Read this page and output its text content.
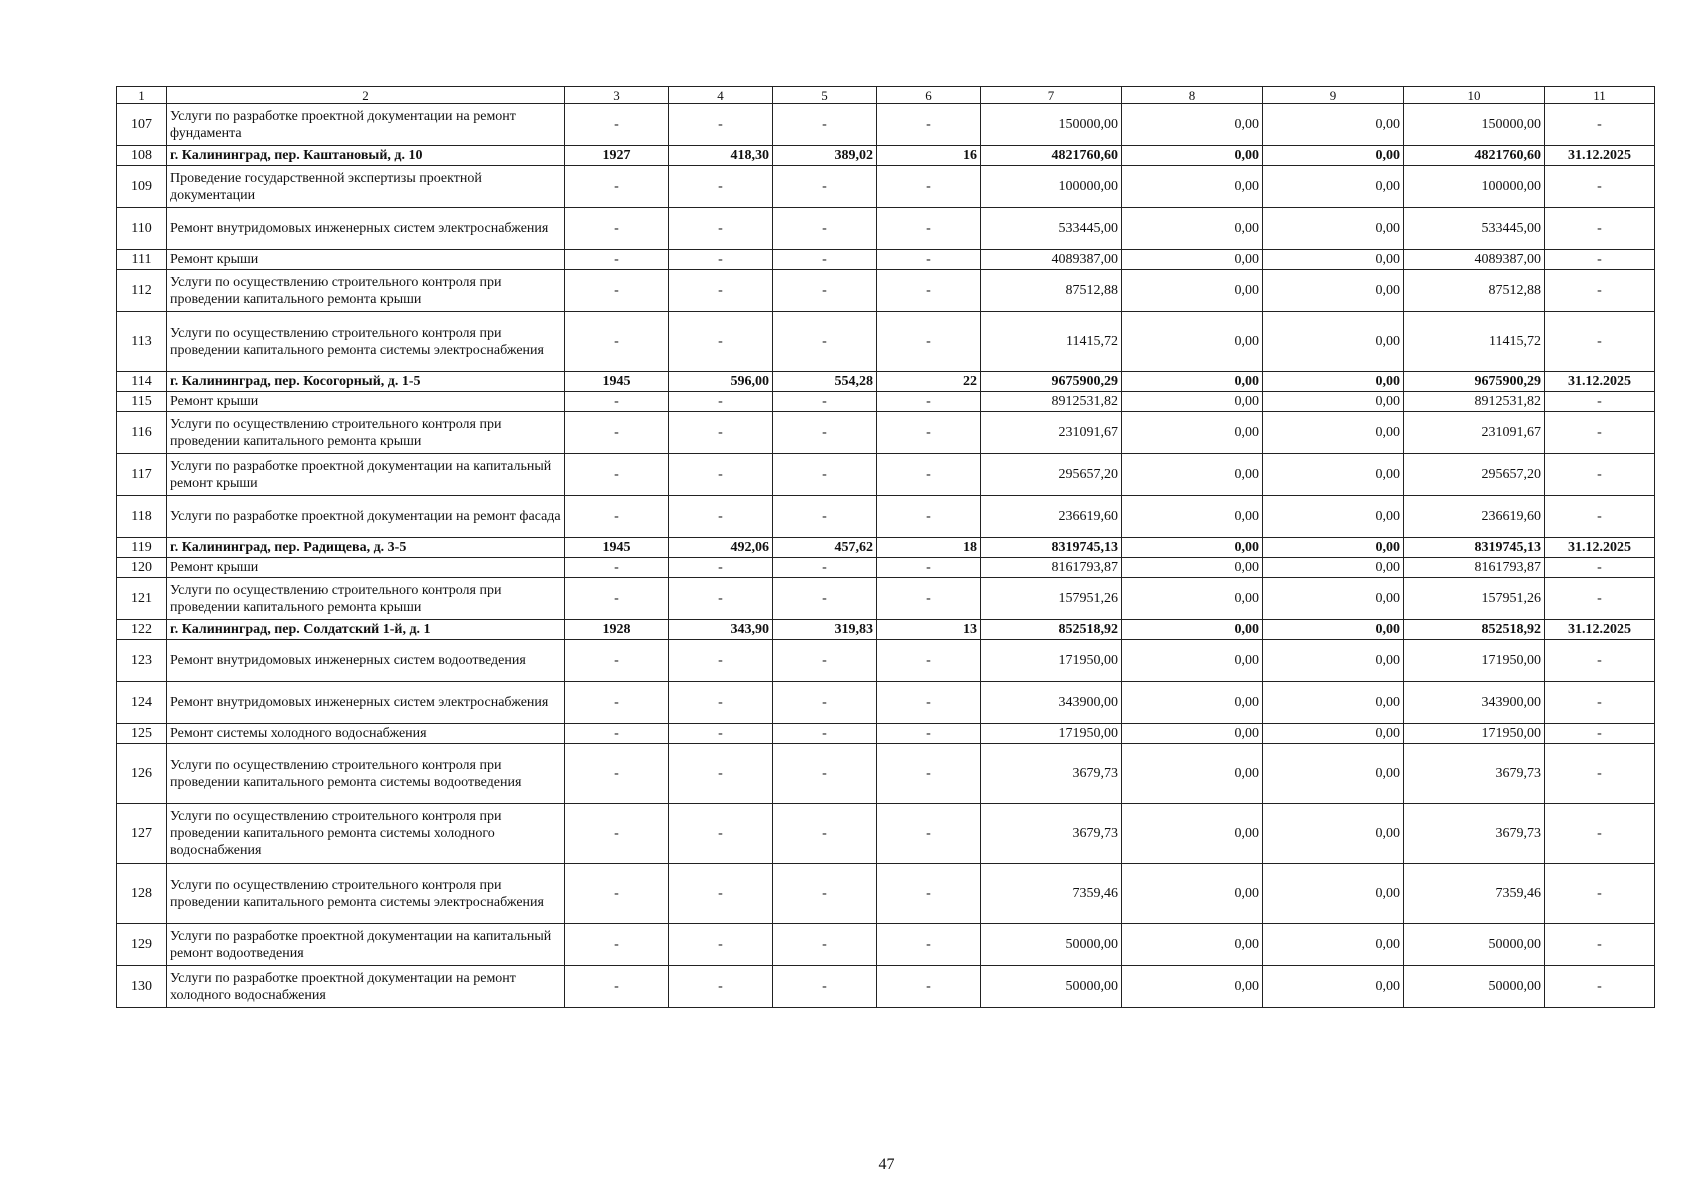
1	2	3	4	5	6	7	8	9	10	11
107	Услуги по разработке проектной документации на ремонт фундамента	-	-	-	-	150000,00	0,00	0,00	150000,00	-
108	г. Калининград, пер. Каштановый, д. 10	1927	418,30	389,02	16	4821760,60	0,00	0,00	4821760,60	31.12.2025
109	Проведение государственной экспертизы проектной документации	-	-	-	-	100000,00	0,00	0,00	100000,00	-
110	Ремонт внутридомовых инженерных систем электроснабжения	-	-	-	-	533445,00	0,00	0,00	533445,00	-
111	Ремонт крыши	-	-	-	-	4089387,00	0,00	0,00	4089387,00	-
112	Услуги по осуществлению строительного контроля при проведении капитального ремонта крыши	-	-	-	-	87512,88	0,00	0,00	87512,88	-
113	Услуги по осуществлению строительного контроля при проведении капитального ремонта системы электроснабжения	-	-	-	-	11415,72	0,00	0,00	11415,72	-
114	г. Калининград, пер. Косогорный, д. 1-5	1945	596,00	554,28	22	9675900,29	0,00	0,00	9675900,29	31.12.2025
115	Ремонт крыши	-	-	-	-	8912531,82	0,00	0,00	8912531,82	-
116	Услуги по осуществлению строительного контроля при проведении капитального ремонта крыши	-	-	-	-	231091,67	0,00	0,00	231091,67	-
117	Услуги по разработке проектной документации на капитальный ремонт крыши	-	-	-	-	295657,20	0,00	0,00	295657,20	-
118	Услуги по разработке проектной документации на ремонт фасада	-	-	-	-	236619,60	0,00	0,00	236619,60	-
119	г. Калининград, пер. Радищева, д. 3-5	1945	492,06	457,62	18	8319745,13	0,00	0,00	8319745,13	31.12.2025
120	Ремонт крыши	-	-	-	-	8161793,87	0,00	0,00	8161793,87	-
121	Услуги по осуществлению строительного контроля при проведении капитального ремонта крыши	-	-	-	-	157951,26	0,00	0,00	157951,26	-
122	г. Калининград, пер. Солдатский 1-й, д. 1	1928	343,90	319,83	13	852518,92	0,00	0,00	852518,92	31.12.2025
123	Ремонт внутридомовых инженерных систем водоотведения	-	-	-	-	171950,00	0,00	0,00	171950,00	-
124	Ремонт внутридомовых инженерных систем электроснабжения	-	-	-	-	343900,00	0,00	0,00	343900,00	-
125	Ремонт системы холодного водоснабжения	-	-	-	-	171950,00	0,00	0,00	171950,00	-
126	Услуги по осуществлению строительного контроля при проведении капитального ремонта системы водоотведения	-	-	-	-	3679,73	0,00	0,00	3679,73	-
127	Услуги по осуществлению строительного контроля при проведении капитального ремонта системы холодного водоснабжения	-	-	-	-	3679,73	0,00	0,00	3679,73	-
128	Услуги по осуществлению строительного контроля при проведении капитального ремонта системы электроснабжения	-	-	-	-	7359,46	0,00	0,00	7359,46	-
129	Услуги по разработке проектной документации на капитальный ремонт водоотведения	-	-	-	-	50000,00	0,00	0,00	50000,00	-
130	Услуги по разработке проектной документации на ремонт холодного водоснабжения	-	-	-	-	50000,00	0,00	0,00	50000,00	-
47
